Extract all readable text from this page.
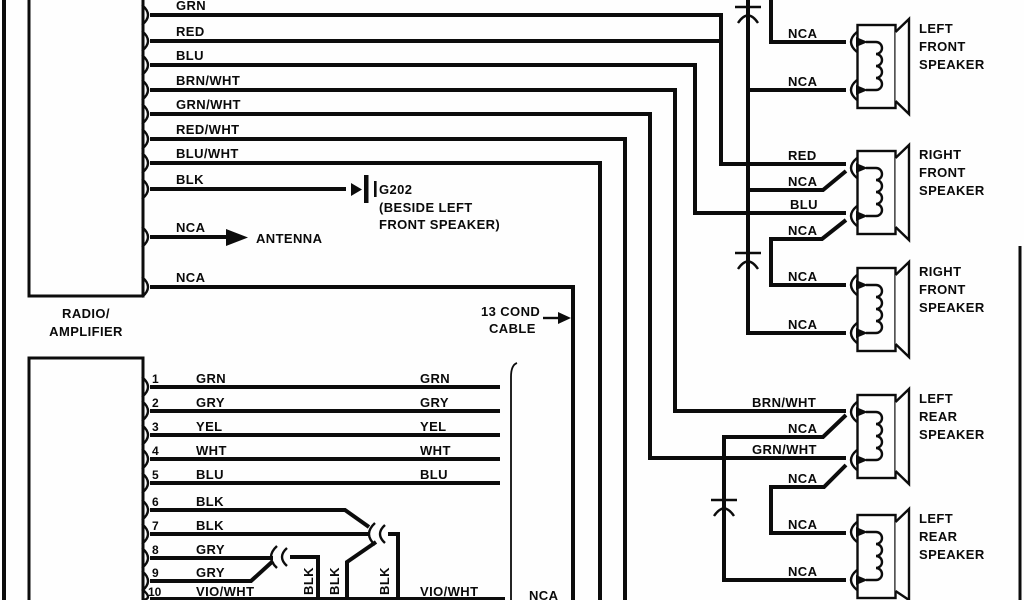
RADIO/
AMPLIFIER
GRN
RED
BLU
BRN/WHT
GRN/WHT
RED/WHT
BLU/WHT
BLK
NCA
NCA
G202
(BESIDE LEFT
FRONT SPEAKER)
ANTENNA
NCA
NCA
RED
NCA
BLU
NCA
NCA
NCA
BRN/WHT
NCA
GRN/WHT
NCA
NCA
NCA
LEFT
FRONT
SPEAKER
RIGHT
FRONT
SPEAKER
RIGHT
FRONT
SPEAKER
LEFT
REAR
SPEAKER
LEFT
REAR
SPEAKER
1
2
3
4
5
6
7
8
9
10
GRN
GRY
YEL
WHT
BLU
BLK
BLK
GRY
GRY
VIO/WHT
GRN
GRY
YEL
WHT
BLU
VIO/WHT
BLK BLK	BLK
13 COND
CABLE
NCA
